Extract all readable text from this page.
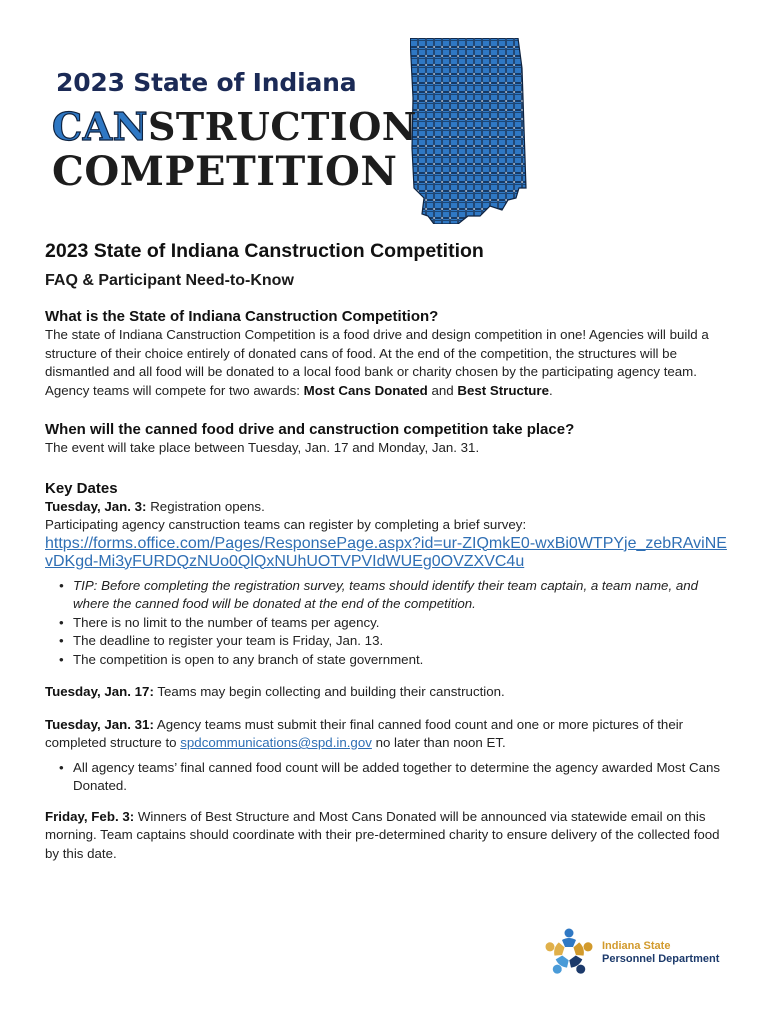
2023 State of Indiana
CANSTRUCTION
COMPETITION
2023 State of Indiana Canstruction Competition
FAQ & Participant Need-to-Know
What is the State of Indiana Canstruction Competition?

The state of Indiana Canstruction Competition is a food drive and design competition in one! Agencies will build a structure of their choice entirely of donated cans of food. At the end of the competition, the structures will be dismantled and all food will be donated to a local food bank or charity chosen by the participating agency team. Agency teams will compete for two awards: Most Cans Donated and Best Structure.

When will the canned food drive and canstruction competition take place?

The event will take place between Tuesday, Jan. 17 and Monday, Jan. 31.

Key Dates

Tuesday, Jan. 3: Registration opens.

Participating agency canstruction teams can register by completing a brief survey:

https://forms.office.com/Pages/ResponsePage.aspx?id=ur-ZIQmkE0-wxBi0WTPYje_zebRAviNEvDKgd-Mi3yFURDQzNUo0QlQxNUhUOTVPVIdWUEg0OVZXVC4u
• TIP: Before completing the registration survey, teams should identify their team captain, a team name, and where the canned food will be donated at the end of the competition.
• There is no limit to the number of teams per agency.
• The deadline to register your team is Friday, Jan. 13.
• The competition is open to any branch of state government.

Tuesday, Jan. 17: Teams may begin collecting and building their canstruction.

Tuesday, Jan. 31: Agency teams must submit their final canned food count and one or more pictures of their completed structure to spdcommunications@spd.in.gov no later than noon ET.

• All agency teams’ final canned food count will be added together to determine the agency awarded Most Cans Donated.

Friday, Feb. 3: Winners of Best Structure and Most Cans Donated will be announced via statewide email on this morning. Team captains should coordinate with their pre-determined charity to ensure delivery of the collected food by this date.

Indiana State
Personnel Department
